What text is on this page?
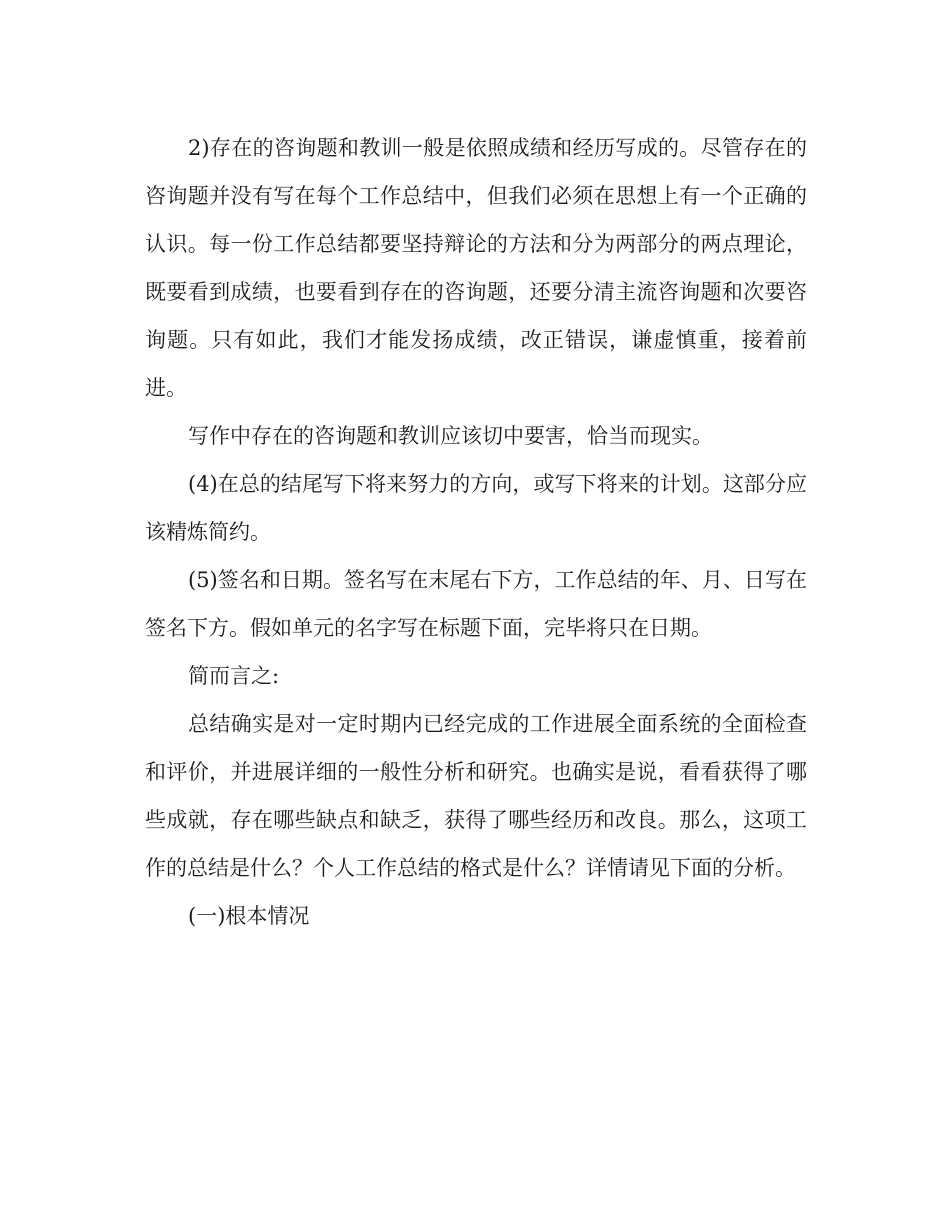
2)存在的咨询题和教训一般是依照成绩和经历写成的。尽管存在的咨询题并没有写在每个工作总结中，但我们必须在思想上有一个正确的认识。每一份工作总结都要坚持辩论的方法和分为两部分的两点理论，既要看到成绩，也要看到存在的咨询题，还要分清主流咨询题和次要咨询题。只有如此，我们才能发扬成绩，改正错误，谦虚慎重，接着前进。

写作中存在的咨询题和教训应该切中要害，恰当而现实。

(4)在总的结尾写下将来努力的方向，或写下将来的计划。这部分应该精炼简约。

(5)签名和日期。签名写在末尾右下方，工作总结的年、月、日写在签名下方。假如单元的名字写在标题下面，完毕将只在日期。

简而言之:

总结确实是对一定时期内已经完成的工作进展全面系统的全面检查和评价，并进展详细的一般性分析和研究。也确实是说，看看获得了哪些成就，存在哪些缺点和缺乏，获得了哪些经历和改良。那么，这项工作的总结是什么？个人工作总结的格式是什么？详情请见下面的分析。

(一)根本情况
